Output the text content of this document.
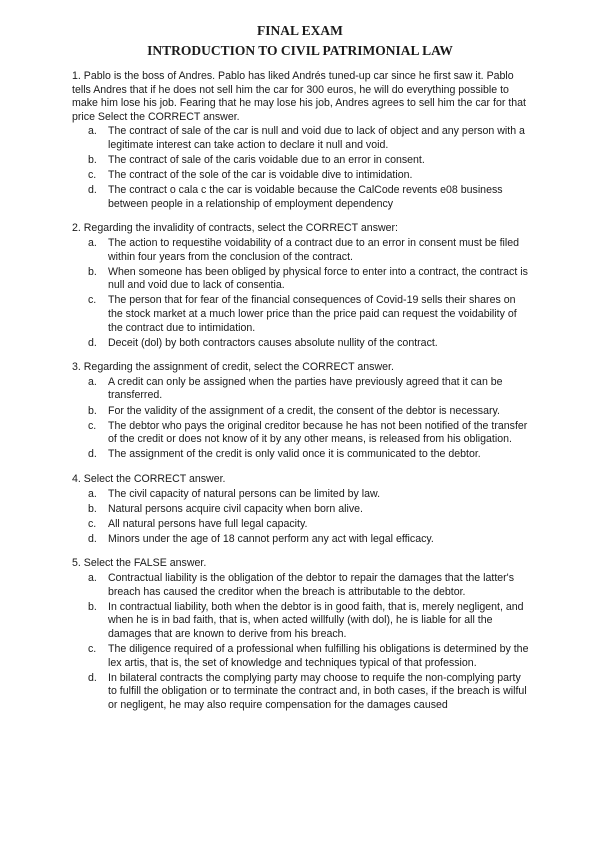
FINAL EXAM
INTRODUCTION TO CIVIL PATRIMONIAL LAW
1. Pablo is the boss of Andres. Pablo has liked Andrés tuned-up car since he first saw it. Pablo tells Andres that if he does not sell him the car for 300 euros, he will do everything possible to make him lose his job. Fearing that he may lose his job, Andres agrees to sell him the car for that price Select the CORRECT answer.
a. The contract of sale of the car is null and void due to lack of object and any person with a legitimate interest can take action to declare it null and void.
b. The contract of sale of the caris voidable due to an error in consent.
c. The contract of the sole of the car is voidable dive to intimidation.
d. The contract o cala c the car is voidable because the CalCode revents e08 business between people in a relationship of employment dependency
2. Regarding the invalidity of contracts, select the CORRECT answer:
a. The action to requestihe voidability of a contract due to an error in consent must be filed within four years from the conclusion of the contract.
b. When someone has been obliged by physical force to enter into a contract, the contract is null and void due to lack of consentia.
c. The person that for fear of the financial consequences of Covid-19 sells their shares on the stock market at a much lower price than the price paid can request the voidability of the contract due to intimidation.
d. Deceit (dol) by both contractors causes absolute nullity of the contract.
3. Regarding the assignment of credit, select the CORRECT answer.
a. A credit can only be assigned when the parties have previously agreed that it can be transferred.
b. For the validity of the assignment of a credit, the consent of the debtor is necessary.
c. The debtor who pays the original creditor because he has not been notified of the transfer of the credit or does not know of it by any other means, is released from his obligation.
d. The assignment of the credit is only valid once it is communicated to the debtor.
4. Select the CORRECT answer.
a. The civil capacity of natural persons can be limited by law.
b. Natural persons acquire civil capacity when born alive.
c. All natural persons have full legal capacity.
d. Minors under the age of 18 cannot perform any act with legal efficacy.
5. Select the FALSE answer.
a. Contractual liability is the obligation of the debtor to repair the damages that the latter's breach has caused the creditor when the breach is attributable to the debtor.
b. In contractual liability, both when the debtor is in good faith, that is, merely negligent, and when he is in bad faith, that is, when acted willfully (with dol), he is liable for all the damages that are known to derive from his breach.
c. The diligence required of a professional when fulfilling his obligations is determined by the lex artis, that is, the set of knowledge and techniques typical of that profession.
d. In bilateral contracts the complying party may choose to requife the non-complying party to fulfill the obligation or to terminate the contract and, in both cases, if the breach is wilful or negligent, he may also require compensation for the damages caused
